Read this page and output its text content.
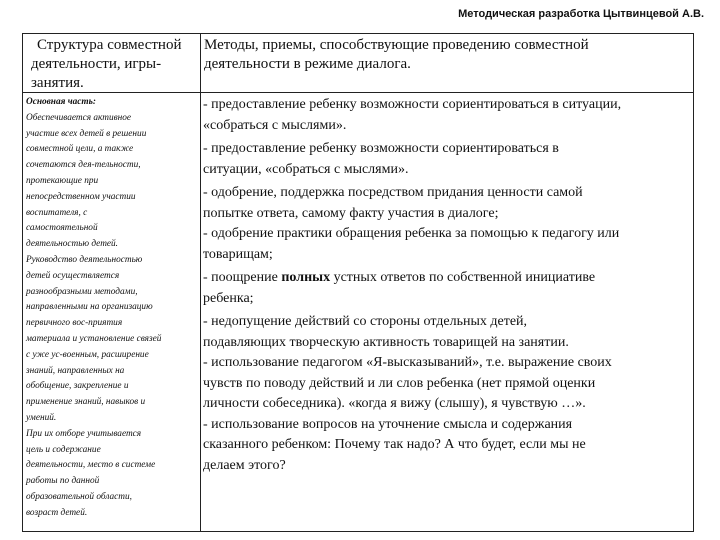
Методическая разработка Цытвинцевой А.В.
Структура совместной
деятельности, игры-
занятия.
Методы, приемы, способствующие проведению совместной
деятельности в режиме диалога.
Основная часть:
Обеспечивается активное
участие всех детей в решении
совместной цели, а также
сочетаются дея-тельности,
протекающие при
непосредственном участии
воспитателя, с
самостоятельной
деятельностью детей.
Руководство деятельностью
детей осуществляется
разнообразными методами,
направленными на организацию
первичного вос-приятия
материала и установление связей
с уже ус-военным, расширение
знаний, направленных на
обобщение, закрепление и
применение знаний, навыков и
умений.
При их отборе учитывается
цель и содержание
деятельности, место в системе
работы по данной
образовательной области,
возраст детей.
- предоставление ребенку возможности сориентироваться в ситуации,
«собраться с мыслями».
- предоставление ребенку возможности сориентироваться в
ситуации, «собраться с мыслями».
- одобрение, поддержка посредством придания ценности самой
попытке ответа, самому факту участия в диалоге;
- одобрение практики обращения ребенка за помощью к педагогу или
товарищам;
- поощрение полных устных ответов по собственной инициативе
ребенка;
- недопущение действий со стороны отдельных детей,
подавляющих творческую активность товарищей на занятии.
- использование педагогом «Я-высказываний», т.е. выражение своих
чувств по поводу действий и ли слов ребенка (нет прямой оценки
личности собеседника). «когда я вижу (слышу), я чувствую …».
- использование вопросов на уточнение смысла и содержания
сказанного ребенком: Почему так надо? А что будет, если мы не
делаем этого?
